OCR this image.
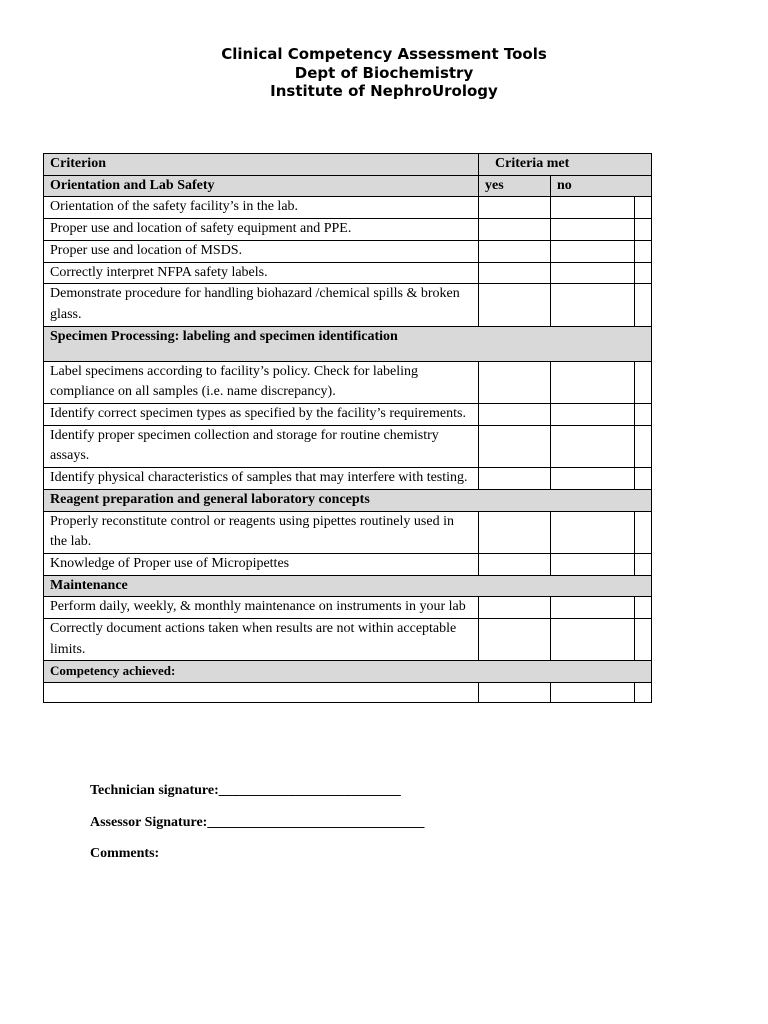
Clinical Competency Assessment Tools
Dept of Biochemistry
Institute of NephroUrology
Criterion	Criteria met		
Orientation and Lab Safety	yes	no	
Orientation of the safety facility’s in the lab.			
Proper use and location of safety equipment and PPE.			
Proper use and location of MSDS.			
Correctly interpret NFPA safety labels.			
Demonstrate procedure for handling biohazard /chemical spills & broken glass.			
Specimen Processing: labeling and specimen identification			
Label specimens according to facility’s policy. Check for labeling compliance on all samples (i.e. name discrepancy).			
Identify correct specimen types as specified by the facility’s requirements.			
Identify proper specimen collection and storage for routine chemistry assays.			
Identify physical characteristics of samples that may interfere with testing.			
Reagent preparation and general laboratory concepts			
Properly reconstitute control or reagents using pipettes routinely used in the lab.			
Knowledge of Proper use of Micropipettes			
Maintenance			
Perform daily, weekly, & monthly maintenance on instruments in your lab			
Correctly document actions taken when results are not within acceptable limits.			
Competency achieved:			

Technician signature:__________________________
Assessor Signature:_______________________________
Comments:
